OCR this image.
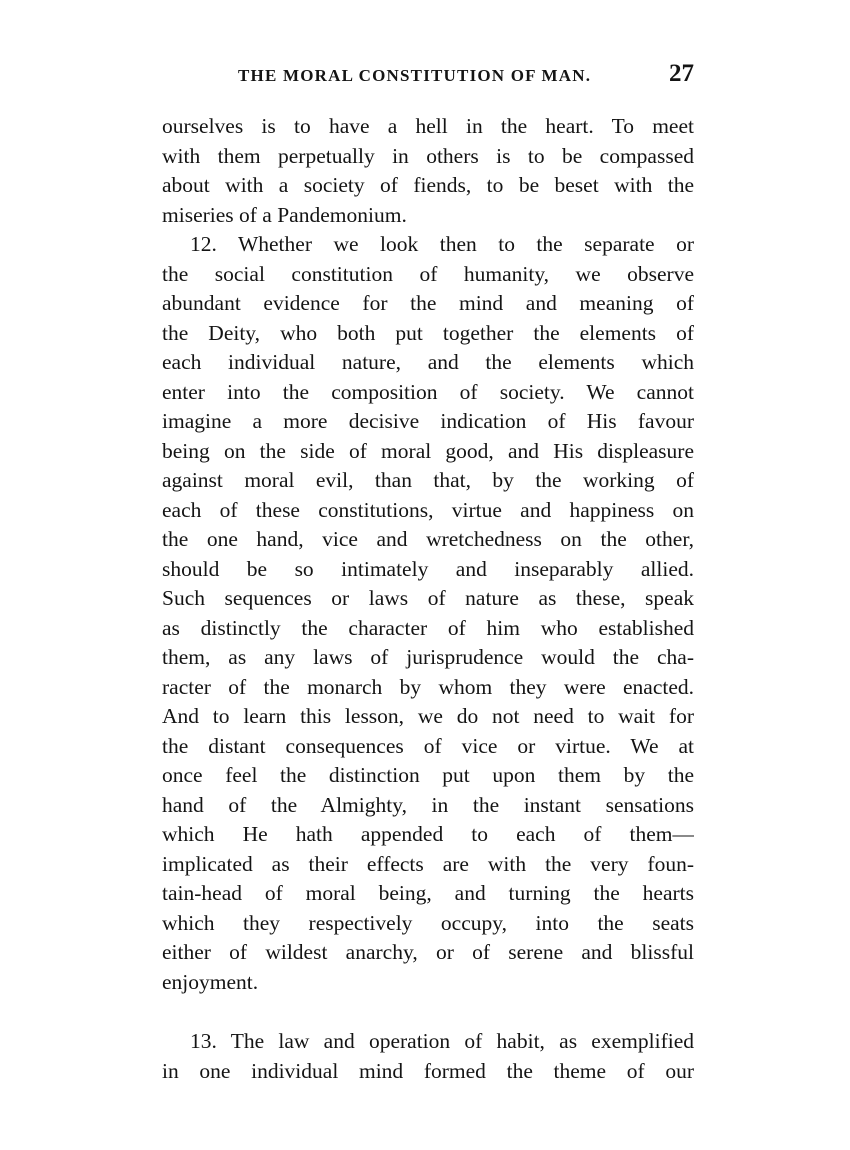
THE MORAL CONSTITUTION OF MAN.	27
ourselves is to have a hell in the heart. To meet
with them perpetually in others is to be compassed
about with a society of fiends, to be beset with the
miseries of a Pandemonium.
12. Whether we look then to the separate or
the social constitution of humanity, we observe
abundant evidence for the mind and meaning of
the Deity, who both put together the elements of
each individual nature, and the elements which
enter into the composition of society. We cannot
imagine a more decisive indication of His favour
being on the side of moral good, and His displeasure
against moral evil, than that, by the working of
each of these constitutions, virtue and happiness on
the one hand, vice and wretchedness on the other,
should be so intimately and inseparably allied.
Such sequences or laws of nature as these, speak
as distinctly the character of him who established
them, as any laws of jurisprudence would the cha-
racter of the monarch by whom they were enacted.
And to learn this lesson, we do not need to wait for
the distant consequences of vice or virtue. We at
once feel the distinction put upon them by the
hand of the Almighty, in the instant sensations
which He hath appended to each of them—
implicated as their effects are with the very foun-
tain-head of moral being, and turning the hearts
which they respectively occupy, into the seats
either of wildest anarchy, or of serene and blissful
enjoyment.
13. The law and operation of habit, as exemplified
in one individual mind formed the theme of our
